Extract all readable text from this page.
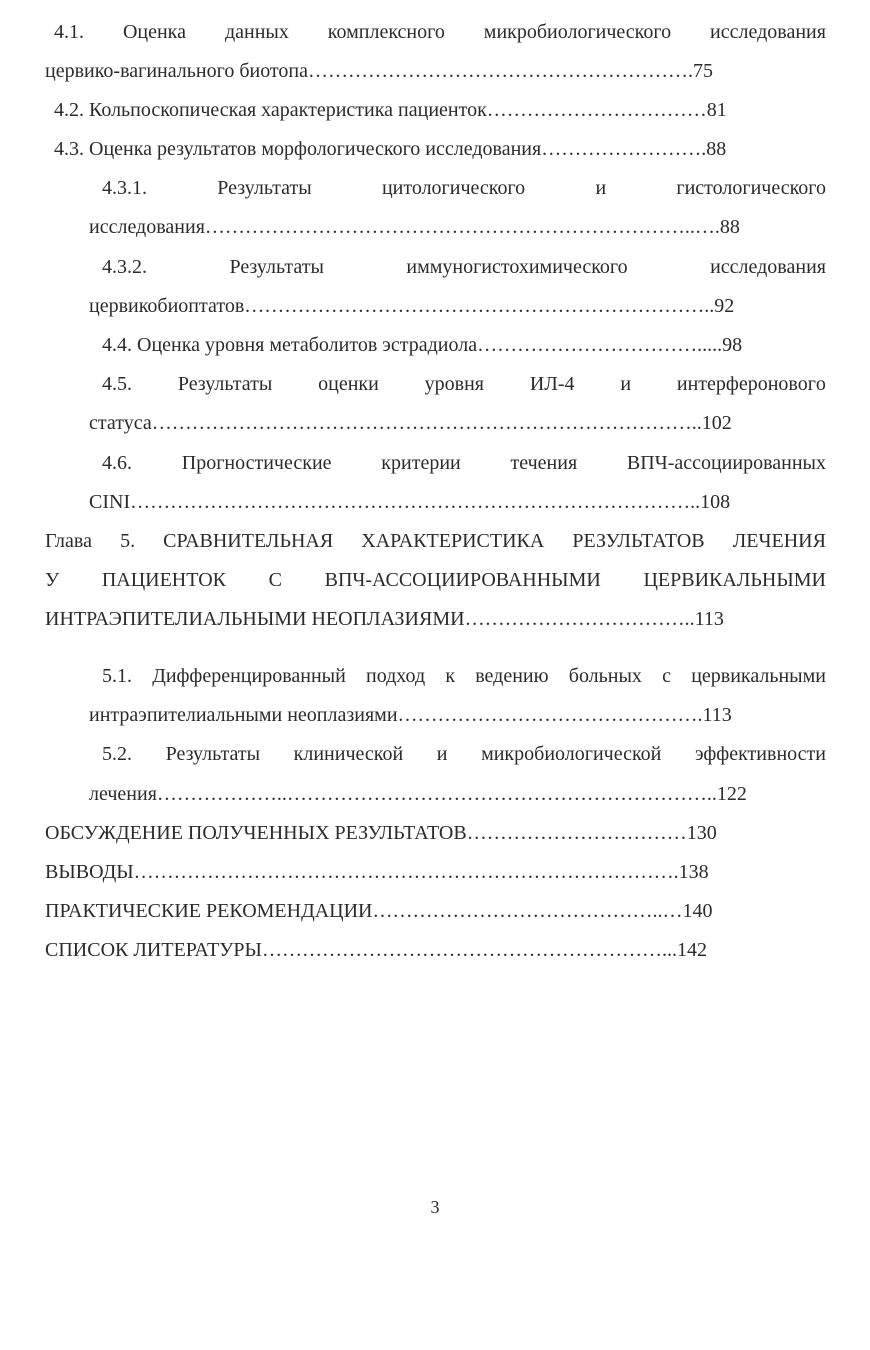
4.1. Оценка данных комплексного микробиологического исследования
цервико-вагинального биотопа………………………………………………….75
4.2. Кольпоскопическая характеристика пациенток……………………………81
4.3. Оценка результатов морфологического исследования…………………….88
4.3.1.	Результаты	цитологического	и	гистологического
исследования………………………………………………………………..….88
4.3.2.	Результаты	иммуногистохимического	исследования
цервикобиоптатов……………………………………………………………..92
4.4. Оценка уровня метаболитов эстрадиола…………………………….....98
4.5. Результаты оценки уровня ИЛ-4 и интерфероновогo
статуса………………………………………………………………………..102
4.6. Прогностические критерии течения ВПЧ-ассоциированных
CINI…………………………………………………………………………..108
Глава 5. СРАВНИТЕЛЬНАЯ ХАРАКТЕРИСТИКА РЕЗУЛЬТАТОВ ЛЕЧЕНИЯ
У ПАЦИЕНТОК С ВПЧ-АССОЦИИРОВАННЫМИ ЦЕРВИКАЛЬНЫМИ
ИНТРАЭПИТЕЛИАЛЬНЫМИ НЕОПЛАЗИЯМИ……………………………..113
5.1. Дифференцированный подход к ведению больных с цервикальными
интраэпителиальными неоплазиями……………………………………….113
5.2. Результаты клинической и микробиологической эффективности
лечения………………..………………………………………………………..122
ОБСУЖДЕНИЕ ПОЛУЧЕННЫХ РЕЗУЛЬТАТОВ……………………………130
ВЫВОДЫ……………………………………………………………………….138
ПРАКТИЧЕСКИЕ РЕКОМЕНДАЦИИ……………………………………..…140
СПИСОК ЛИТЕРАТУРЫ……………………………………………………...142
3
